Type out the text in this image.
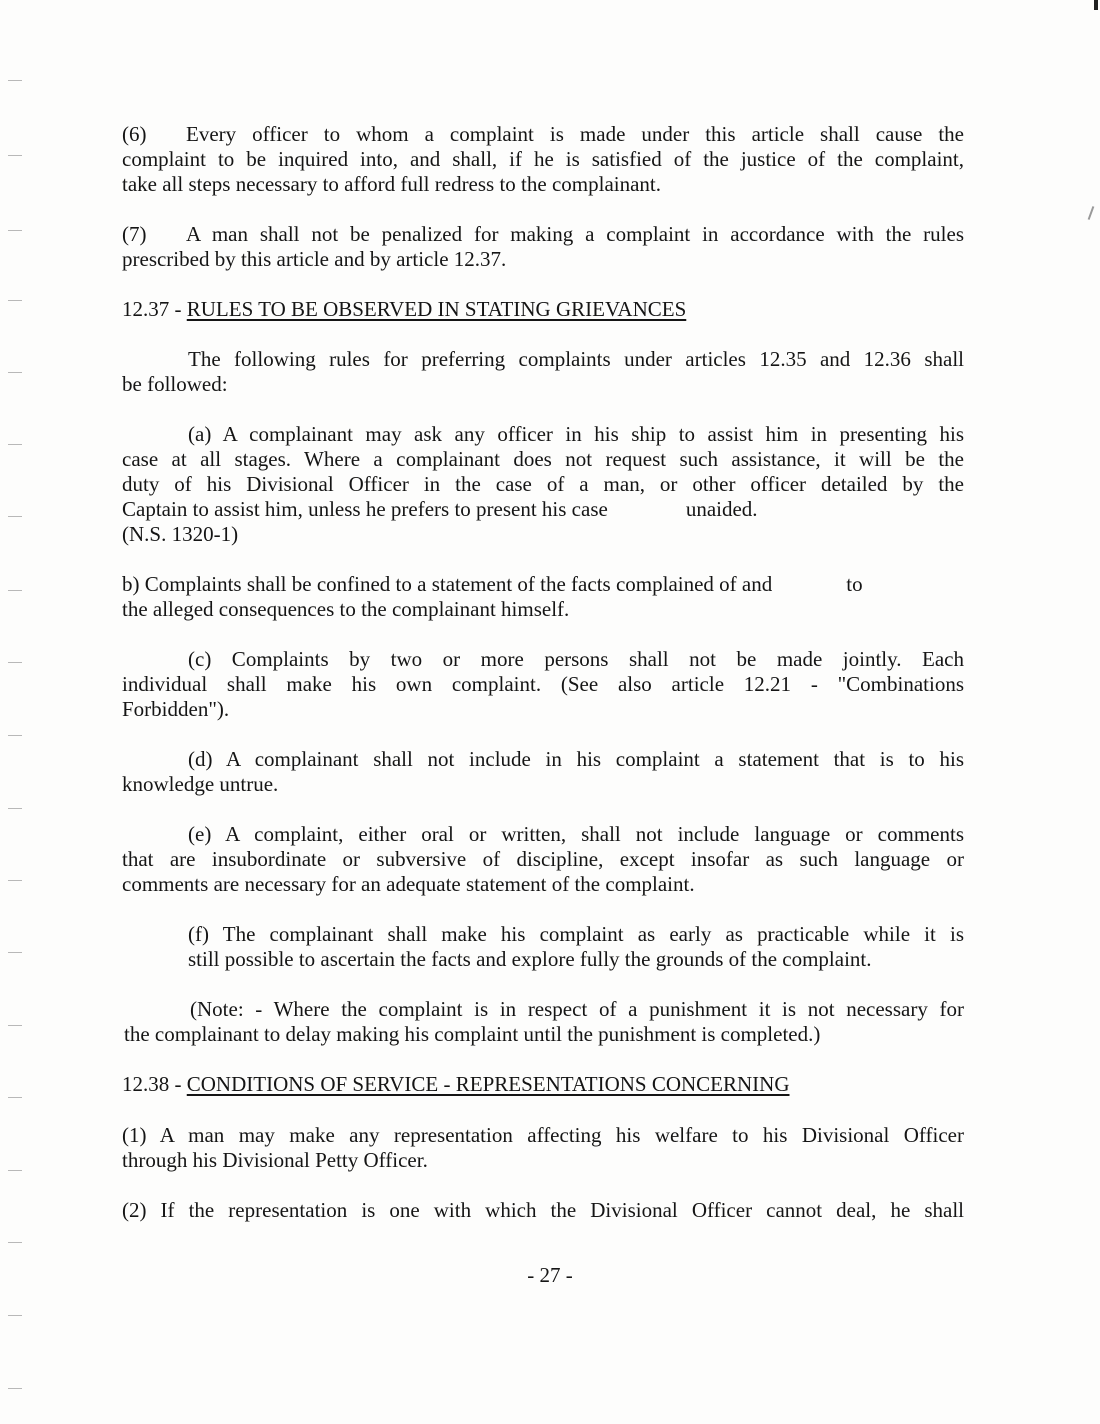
(6) Every officer to whom a complaint is made under this article shall cause the
complaint to be inquired into, and shall, if he is satisfied of the justice of the complaint,
take all steps necessary to afford full redress to the complainant.
(7) A man shall not be penalized for making a complaint in accordance with the rules
prescribed by this article and by article 12.37.
12.37 - RULES TO BE OBSERVED IN STATING GRIEVANCES
The following rules for preferring complaints under articles 12.35 and 12.36 shall
be followed:
(a) A complainant may ask any officer in his ship to assist him in presenting his
case at all stages. Where a complainant does not request such assistance, it will be the
duty of his Divisional Officer in the case of a man, or other officer detailed by the
Captain to assist him, unless he prefers to present his case	unaided.
(N.S. 1320-1)
b) Complaints shall be confined to a statement of the facts complained of and	to
the alleged consequences to the complainant himself.
(c) Complaints by two or more persons shall not be made jointly. Each
individual shall make his own complaint. (See also article 12.21 - "Combinations
Forbidden").
(d) A complainant shall not include in his complaint a statement that is to his
knowledge untrue.
(e) A complaint, either oral or written, shall not include language or comments
that are insubordinate or subversive of discipline, except insofar as such language or
comments are necessary for an adequate statement of the complaint.
(f) The complainant shall make his complaint as early as practicable while it is
still possible to ascertain the facts and explore fully the grounds of the complaint.
(Note: - Where the complaint is in respect of a punishment it is not necessary for
the complainant to delay making his complaint until the punishment is completed.)
12.38 - CONDITIONS OF SERVICE - REPRESENTATIONS CONCERNING
(1) A man may make any representation affecting his welfare to his Divisional Officer
through his Divisional Petty Officer.
(2) If the representation is one with which the Divisional Officer cannot deal, he shall
- 27 -
